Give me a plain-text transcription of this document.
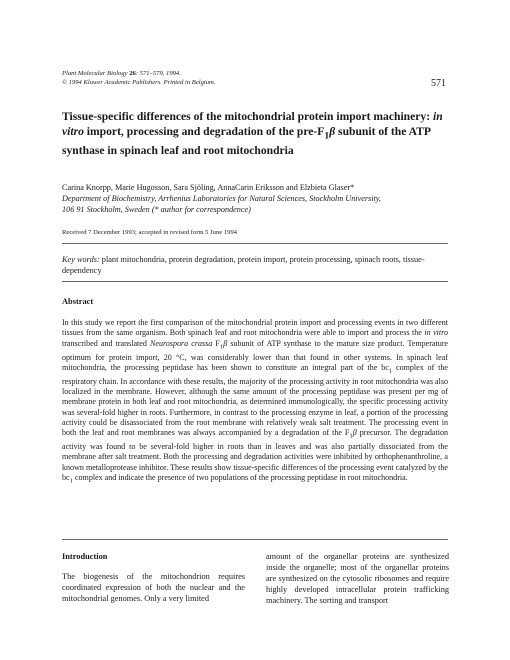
Plant Molecular Biology 26: 571–579, 1994.
© 1994 Kluwer Academic Publishers. Printed in Belgium.	571
Tissue-specific differences of the mitochondrial protein import machinery: in vitro import, processing and degradation of the pre-$F_1\beta$ subunit of the ATP synthase in spinach leaf and root mitochondria
Carina Knorpp, Marie Hugosson, Sara Sjöling, AnnaCarin Eriksson and Elzbieta Glaser*
Department of Biochemistry, Arrhenius Laboratories for Natural Sciences, Stockholm University,
106 91 Stockholm, Sweden (* author for correspondence)
Received 7 December 1993; accepted in revised form 5 June 1994
Key words: plant mitochondria, protein degradation, protein import, protein processing, spinach roots, tissue-dependency
Abstract

In this study we report the first comparison of the mitochondrial protein import and processing events in two different tissues from the same organism. Both spinach leaf and root mitochondria were able to import and process the in vitro transcribed and translated Neurospora crassa $F_1\beta$ subunit of ATP synthase to the mature size product. Temperature optimum for protein import, 20 °C, was considerably lower than that found in other systems. In spinach leaf mitochondria, the processing peptidase has been shown to constitute an integral part of the $bc_1$ complex of the respiratory chain. In accordance with these results, the majority of the processing activity in root mitochondria was also localized in the membrane. However, although the same amount of the processing peptidase was present per mg of membrane protein in both leaf and root mitochondria, as determined immunologically, the specific processing activity was several-fold higher in roots. Furthermore, in contrast to the processing enzyme in leaf, a portion of the processing activity could be disassociated from the root membrane with relatively weak salt treatment. The processing event in both the leaf and root membranes was always accompanied by a degradation of the $F_1\beta$ precursor. The degradation activity was found to be several-fold higher in roots than in leaves and was also partially dissociated from the membrane after salt treatment. Both the processing and degradation activities were inhibited by orthophenanthroline, a known metalloprotease inhibitor. These results show tissue-specific differences of the processing event catalyzed by the $bc_1$ complex and indicate the presence of two populations of the processing peptidase in root mitochondria.

Introduction

The biogenesis of the mitochondrion requires coordinated expression of both the nuclear and the mitochondrial genomes. Only a very limited

amount of the organellar proteins are synthesized inside the organelle; most of the organellar proteins are synthesized on the cytosolic ribosomes and require highly developed intracellular protein trafficking machinery. The sorting and transport
